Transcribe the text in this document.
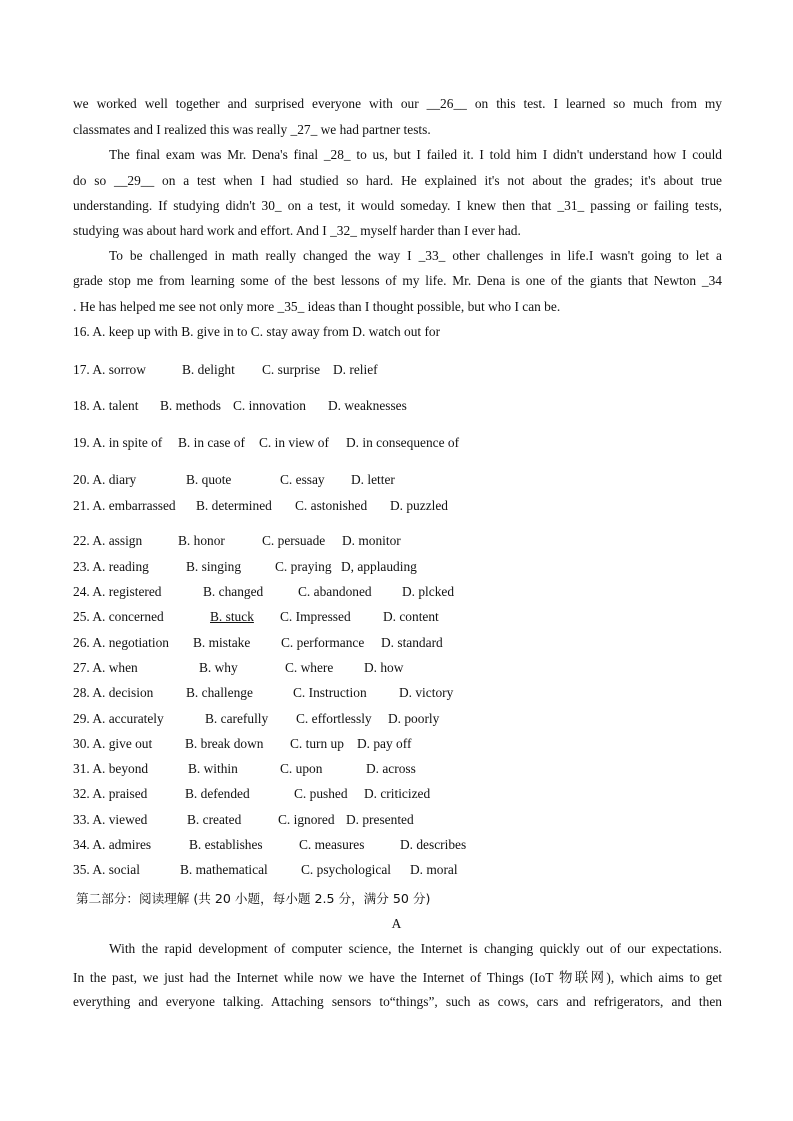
we worked well together and surprised everyone with our __26__ on this test. I learned so much from my
classmates and I realized this was really _27_ we had partner tests.
The final exam was Mr. Dena's final _28_ to us, but I failed it. I told him I didn't understand how I could
do so __29__ on a test when I had studied so hard. He explained it's not about the grades; it's about true
understanding. If studying didn't 30_ on a test, it would someday. I knew then that _31_ passing or failing tests,
studying was about hard work and effort. And I _32_ myself harder than I ever had.
To be challenged in math really changed the way I _33_ other challenges in life.I wasn't going to let a
grade stop me from learning some of the best lessons of my life. Mr. Dena is one of the giants that Newton _34
. He has helped me see not only more _35_ ideas than I thought possible, but who I can be.
16. A. keep up with B. give in to C. stay away from D. watch out for
17. A. sorrow	B. delight C. surprise D. relief
18. A. talent B. methods C. innovation D. weaknesses
19. A. in spite of B. in case of C. in view of D. in consequence of
20. A. diary	B. quote	C. essay D. letter
21. A. embarrassed B. determined C. astonished D. puzzled
22. A. assign	B. honor	C. persuade D. monitor
23. A. reading	B. singing	C. praying D, applauding
24. A. registered	B. changed	C. abandoned D. plcked
25. A. concerned	B. stuck C. Impressed D. content
26. A. negotiation B. mistake C. performance D. standard
27. A. when	B. why	C. where D. how
28. A. decision B. challenge	C. Instruction D. victory
29. A. accurately	B. carefully C. effortlessly D. poorly
30. A. give out B. break down C. turn up D. pay off
31. A. beyond	B. within	C. upon	D. across
32. A. praised	B. defended	C. pushed D. criticized
33. A. viewed	B. created	C. ignored D. presented
34. A. admires	B. establishes	C. measures	D. describes
35. A. social	B. mathematical C. psychological D. moral
第二部分：阅读理解 (共 20 小题，每小题 2.5 分，满分 50 分)
A
With the rapid development of computer science, the Internet is changing quickly out of our expectations.
In the past, we just had the Internet while now we have the Internet of Things (IoT 物联网), which aims to get
everything and everyone talking. Attaching sensors to“things”, such as cows, cars and refrigerators, and then
